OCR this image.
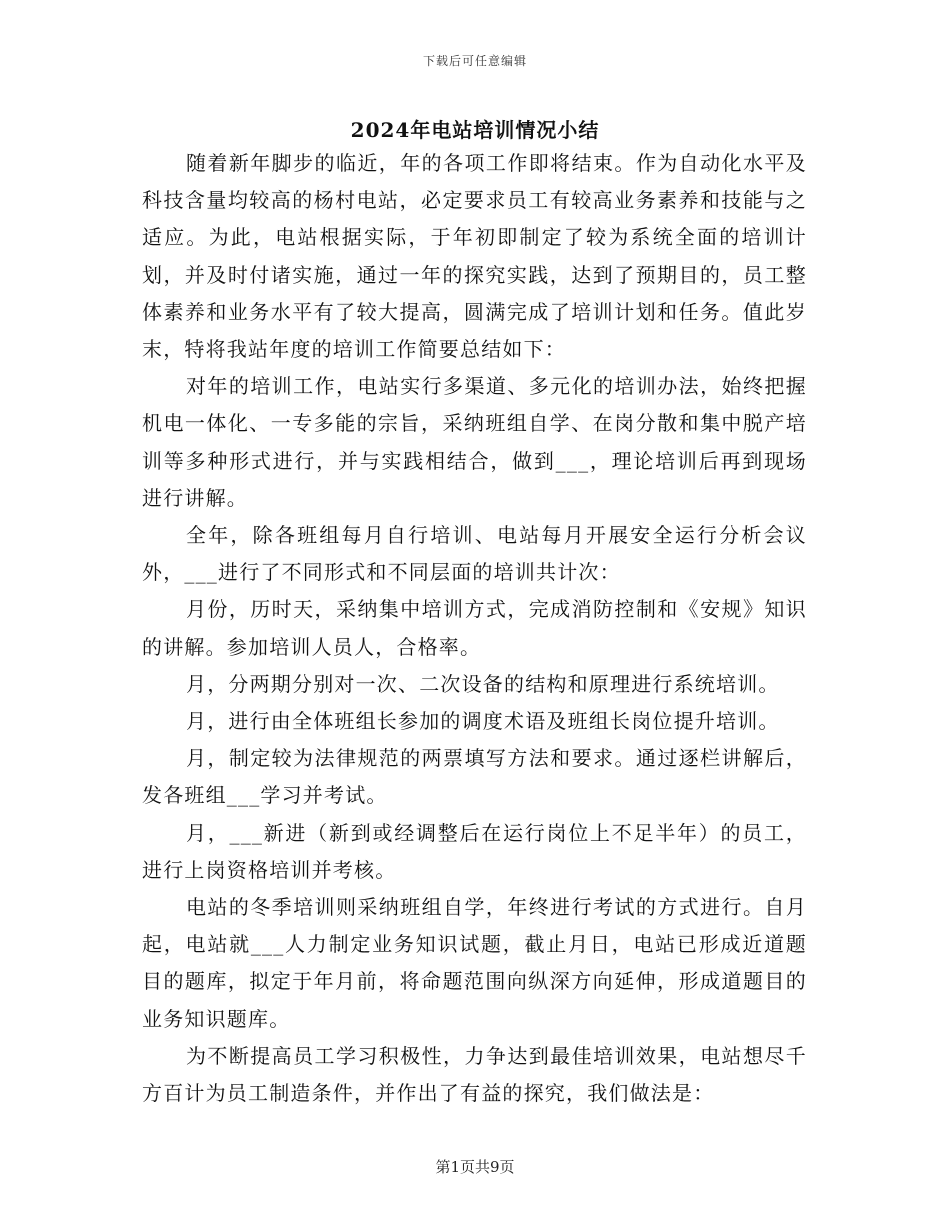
下载后可任意编辑
2024年电站培训情况小结

随着新年脚步的临近，年的各项工作即将结束。作为自动化水平及科技含量均较高的杨村电站，必定要求员工有较高业务素养和技能与之适应。为此，电站根据实际，于年初即制定了较为系统全面的培训计划，并及时付诸实施，通过一年的探究实践，达到了预期目的，员工整体素养和业务水平有了较大提高，圆满完成了培训计划和任务。值此岁末，特将我站年度的培训工作简要总结如下：

对年的培训工作，电站实行多渠道、多元化的培训办法，始终把握机电一体化、一专多能的宗旨，采纳班组自学、在岗分散和集中脱产培训等多种形式进行，并与实践相结合，做到___，理论培训后再到现场进行讲解。

全年，除各班组每月自行培训、电站每月开展安全运行分析会议外，___进行了不同形式和不同层面的培训共计次：

月份，历时天，采纳集中培训方式，完成消防控制和《安规》知识的讲解。参加培训人员人，合格率。

月，分两期分别对一次、二次设备的结构和原理进行系统培训。

月，进行由全体班组长参加的调度术语及班组长岗位提升培训。

月，制定较为法律规范的两票填写方法和要求。通过逐栏讲解后，发各班组___学习并考试。

月，___新进（新到或经调整后在运行岗位上不足半年）的员工，进行上岗资格培训并考核。

电站的冬季培训则采纳班组自学，年终进行考试的方式进行。自月起，电站就___人力制定业务知识试题，截止月日，电站已形成近道题目的题库，拟定于年月前，将命题范围向纵深方向延伸，形成道题目的业务知识题库。

为不断提高员工学习积极性，力争达到最佳培训效果，电站想尽千方百计为员工制造条件，并作出了有益的探究，我们做法是：

第1页共9页
